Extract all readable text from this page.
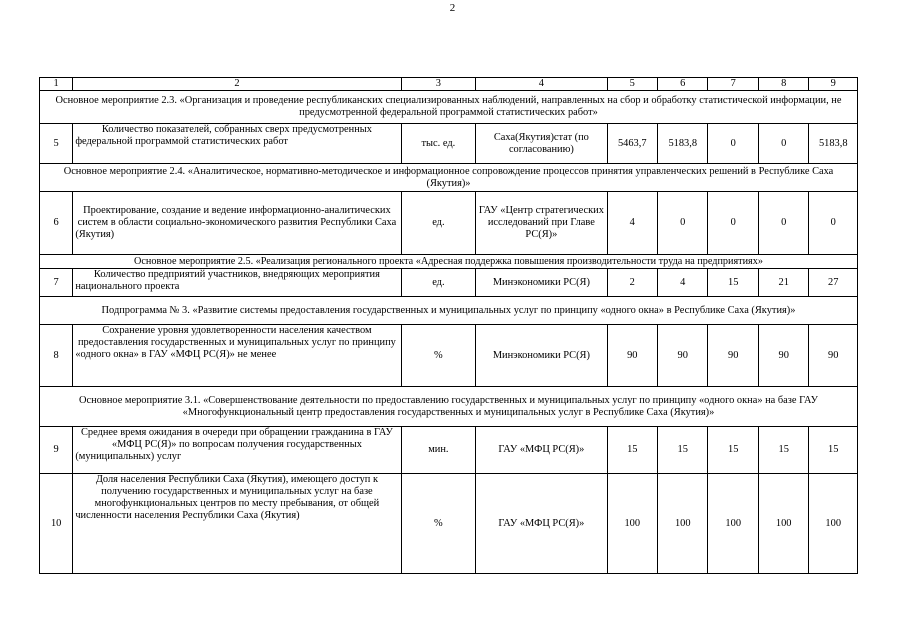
2
1	2	3	4	5	6	7	8	9
Основное мероприятие 2.3. «Организация и проведение республиканских специализированных наблюдений, направленных на сбор и обработку статистической информации, не предусмотренной федеральной программой статистических работ»								
5	Количество показателей, собранных сверх предусмотренных федеральной программой статистических работ	тыс. ед.	Саха(Якутия)стат (по согласованию)	5463,7	5183,8	0	0	5183,8
Основное мероприятие 2.4. «Аналитическое, нормативно-методическое и информационное сопровождение процессов принятия управленческих решений в Республике Саха (Якутия)»								
6	Проектирование, создание и ведение информационно-аналитических систем в области социально-экономического развития Республики Саха (Якутия)	ед.	ГАУ «Центр стратегических исследований при Главе РС(Я)»	4	0	0	0	0
Основное мероприятие 2.5. «Реализация регионального проекта «Адресная поддержка повышения производительности труда на предприятиях»								
7	Количество предприятий участников, внедряющих мероприятия национального проекта	ед.	Минэкономики РС(Я)	2	4	15	21	27
Подпрограмма № 3. «Развитие системы предоставления государственных и муниципальных услуг по принципу «одного окна» в Республике Саха (Якутия)»								
8	Сохранение уровня удовлетворенности населения качеством предоставления государственных и муниципальных услуг по принципу «одного окна» в ГАУ «МФЦ РС(Я)» не менее	%	Минэкономики РС(Я)	90	90	90	90	90
Основное мероприятие 3.1. «Совершенствование деятельности по предоставлению государственных и муниципальных услуг по принципу «одного окна» на базе ГАУ «Многофункциональный центр предоставления государственных и муниципальных услуг в Республике Саха (Якутия)»								
9	Среднее время ожидания в очереди при обращении гражданина в ГАУ «МФЦ РС(Я)» по вопросам получения государственных (муниципальных) услуг	мин.	ГАУ «МФЦ РС(Я)»	15	15	15	15	15
10	Доля населения Республики Саха (Якутия), имеющего доступ к получению государственных и муниципальных услуг на базе многофункциональных центров по месту пребывания, от общей численности населения Республики Саха (Якутия)	%	ГАУ «МФЦ РС(Я)»	100	100	100	100	100
